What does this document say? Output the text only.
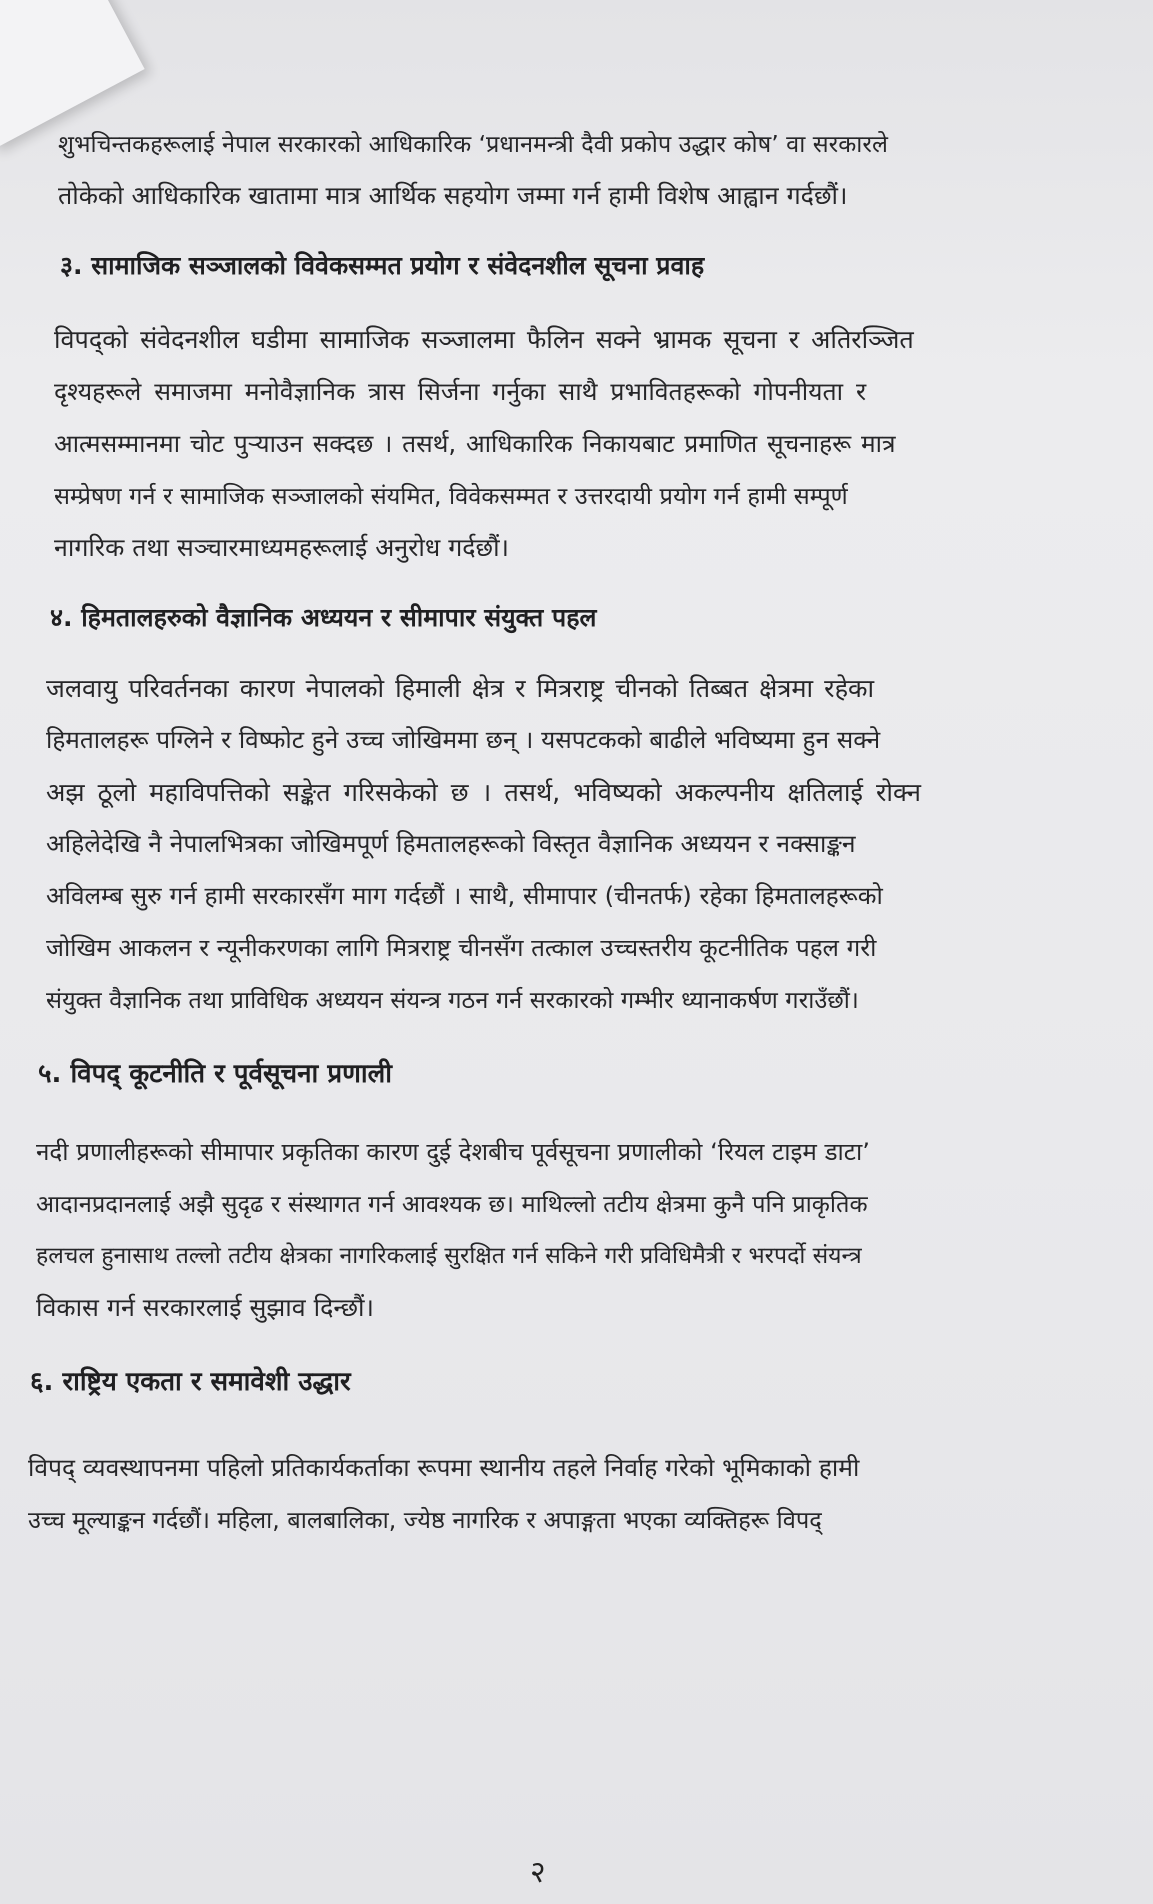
शुभचिन्तकहरूलाई नेपाल सरकारको आधिकारिक ‘प्रधानमन्त्री दैवी प्रकोप उद्धार कोष’ वा सरकारले
तोकेको आधिकारिक खातामा मात्र आर्थिक सहयोग जम्मा गर्न हामी विशेष आह्वान गर्दछौं।
३. सामाजिक सञ्जालको विवेकसम्मत प्रयोग र संवेदनशील सूचना प्रवाह
विपद्को संवेदनशील घडीमा सामाजिक सञ्जालमा फैलिन सक्ने भ्रामक सूचना र अतिरञ्जित
दृश्यहरूले समाजमा मनोवैज्ञानिक त्रास सिर्जना गर्नुका साथै प्रभावितहरूको गोपनीयता र
आत्मसम्मानमा चोट पुऱ्याउन सक्दछ । तसर्थ, आधिकारिक निकायबाट प्रमाणित सूचनाहरू मात्र
सम्प्रेषण गर्न र सामाजिक सञ्जालको संयमित, विवेकसम्मत र उत्तरदायी प्रयोग गर्न हामी सम्पूर्ण
नागरिक तथा सञ्चारमाध्यमहरूलाई अनुरोध गर्दछौं।
४. हिमतालहरुको वैज्ञानिक अध्ययन र सीमापार संयुक्त पहल
जलवायु परिवर्तनका कारण नेपालको हिमाली क्षेत्र र मित्रराष्ट्र चीनको तिब्बत क्षेत्रमा रहेका
हिमतालहरू पग्लिने र विष्फोट हुने उच्च जोखिममा छन् । यसपटकको बाढीले भविष्यमा हुन सक्ने
अझ ठूलो महाविपत्तिको सङ्केत गरिसकेको छ । तसर्थ, भविष्यको अकल्पनीय क्षतिलाई रोक्न
अहिलेदेखि नै नेपालभित्रका जोखिमपूर्ण हिमतालहरूको विस्तृत वैज्ञानिक अध्ययन र नक्साङ्कन
अविलम्ब सुरु गर्न हामी सरकारसँग माग गर्दछौं । साथै, सीमापार (चीनतर्फ) रहेका हिमतालहरूको
जोखिम आकलन र न्यूनीकरणका लागि मित्रराष्ट्र चीनसँग तत्काल उच्चस्तरीय कूटनीतिक पहल गरी
संयुक्त वैज्ञानिक तथा प्राविधिक अध्ययन संयन्त्र गठन गर्न सरकारको गम्भीर ध्यानाकर्षण गराउँछौं।
५. विपद् कूटनीति र पूर्वसूचना प्रणाली
नदी प्रणालीहरूको सीमापार प्रकृतिका कारण दुई देशबीच पूर्वसूचना प्रणालीको ‘रियल टाइम डाटा’
आदानप्रदानलाई अझै सुदृढ र संस्थागत गर्न आवश्यक छ। माथिल्लो तटीय क्षेत्रमा कुनै पनि प्राकृतिक
हलचल हुनासाथ तल्लो तटीय क्षेत्रका नागरिकलाई सुरक्षित गर्न सकिने गरी प्रविधिमैत्री र भरपर्दो संयन्त्र
विकास गर्न सरकारलाई सुझाव दिन्छौं।
६. राष्ट्रिय एकता र समावेशी उद्धार
विपद् व्यवस्थापनमा पहिलो प्रतिकार्यकर्ताका रूपमा स्थानीय तहले निर्वाह गरेको भूमिकाको हामी
उच्च मूल्याङ्कन गर्दछौं। महिला, बालबालिका, ज्येष्ठ नागरिक र अपाङ्गता भएका व्यक्तिहरू विपद्
२
